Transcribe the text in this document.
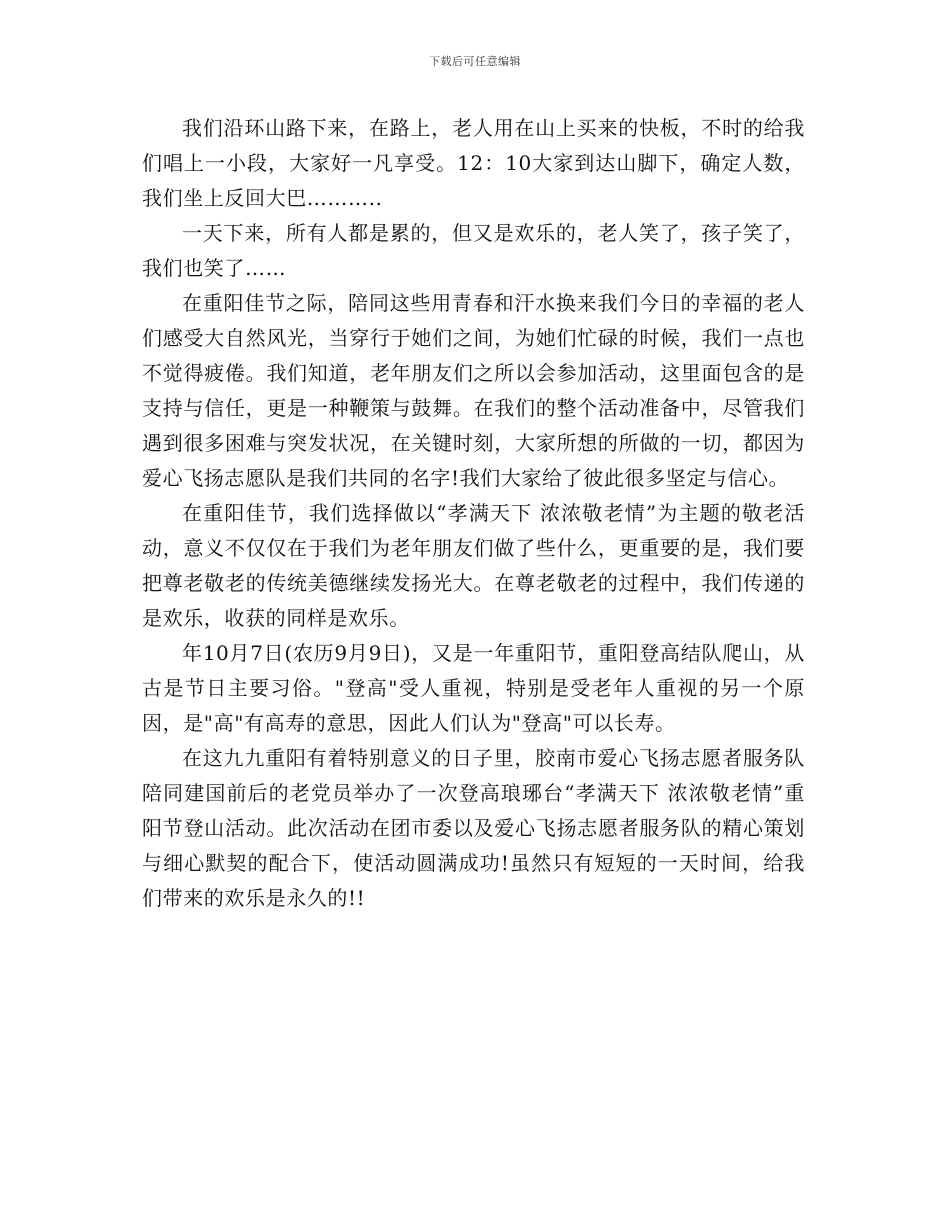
下载后可任意编辑

我们沿环山路下来，在路上，老人用在山上买来的快板，不时的给我们唱上一小段，大家好一凡享受。12：10大家到达山脚下，确定人数，我们坐上反回大巴………..

一天下来，所有人都是累的，但又是欢乐的，老人笑了，孩子笑了，我们也笑了……

在重阳佳节之际，陪同这些用青春和汗水换来我们今日的幸福的老人们感受大自然风光，当穿行于她们之间，为她们忙碌的时候，我们一点也不觉得疲倦。我们知道，老年朋友们之所以会参加活动，这里面包含的是支持与信任，更是一种鞭策与鼓舞。在我们的整个活动准备中，尽管我们遇到很多困难与突发状况，在关键时刻，大家所想的所做的一切，都因为爱心飞扬志愿队是我们共同的名字!我们大家给了彼此很多坚定与信心。

在重阳佳节，我们选择做以“孝满天下 浓浓敬老情”为主题的敬老活动，意义不仅仅在于我们为老年朋友们做了些什么，更重要的是，我们要把尊老敬老的传统美德继续发扬光大。在尊老敬老的过程中，我们传递的是欢乐，收获的同样是欢乐。

年10月7日(农历9月9日)，又是一年重阳节，重阳登高结队爬山，从古是节日主要习俗。"登高"受人重视，特别是受老年人重视的另一个原因，是"高"有高寿的意思，因此人们认为"登高"可以长寿。

在这九九重阳有着特别意义的日子里，胶南市爱心飞扬志愿者服务队陪同建国前后的老党员举办了一次登高琅琊台“孝满天下 浓浓敬老情”重阳节登山活动。此次活动在团市委以及爱心飞扬志愿者服务队的精心策划与细心默契的配合下，使活动圆满成功!虽然只有短短的一天时间，给我们带来的欢乐是永久的!!
